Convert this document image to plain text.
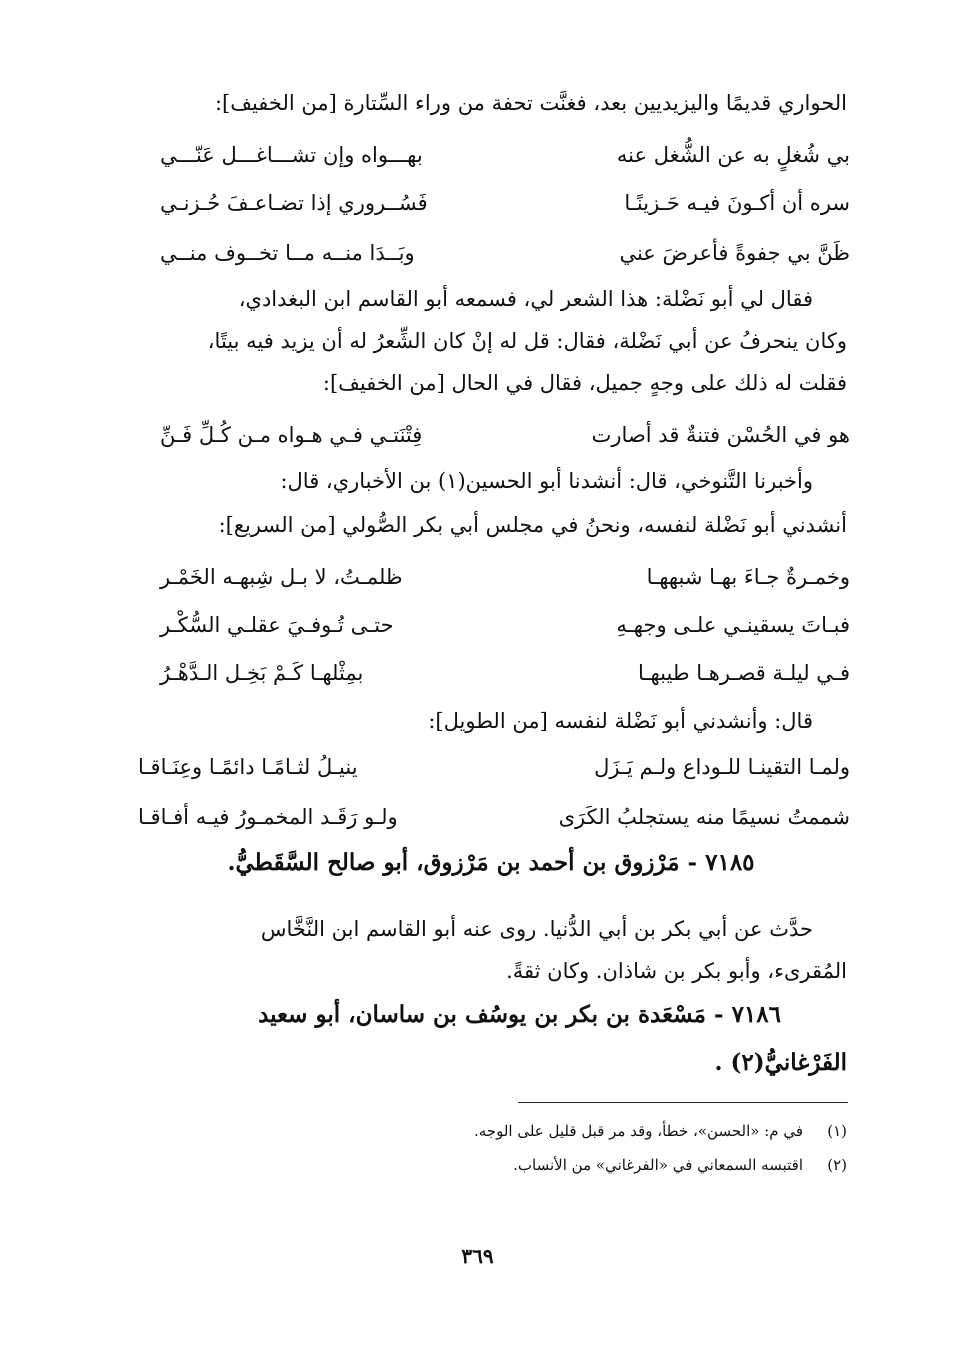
الحواري قديمًا واليزيديين بعد، فغنَّت تحفة من وراء السِّتارة [من الخفيف]:
بي شُغلٍ به عن الشُّغل عنه
بهـــواه وإن تشـــاغـــل عَنّـــي
سره أن أكـونَ فيـه حَـزينًـا
فَسُــروري إذا تضـاعـفَ حُـزنـي
ظَنَّ بي جفوةً فأعرضَ عني
وبَــدَا منــه مــا تخــوف منــي
فقال لي أبو نَضْلة: هذا الشعر لي، فسمعه أبو القاسم ابن البغدادي،
وكان ينحرفُ عن أبي نَضْلة، فقال: قل له إنْ كان الشِّعرُ له أن يزيد فيه بيتًا،
فقلت له ذلك على وجهٍ جميل، فقال في الحال [من الخفيف]:
هو في الحُسْن فتنةٌ قد أصارت
فِتْنَتـي فـي هـواه مـن كُـلِّ فَـنِّ
وأخبرنا التَّنوخي، قال: أنشدنا أبو الحسين(١) بن الأخباري، قال:
أنشدني أبو نَضْلة لنفسه، ونحنُ في مجلس أبي بكر الصُّولي [من السريع]:
وخمـرةٌ جـاءَ بهـا شبههـا
ظلمـتُ، لا بـل شِبهـه الخَمْـر
فبـاتَ يسقينـي علـى وجهـهِ
حتـى تُـوفـيَ عقلـي السُّكْـر
فـي ليلـة قصـرهـا طيبهـا
بمِثْلهـا كَـمْ بَخِـل الـدَّهْـرُ
قال: وأنشدني أبو نَضْلة لنفسه [من الطويل]:
ولمـا التقينـا للـوداع ولـم يَـزَل
ينيـلُ لثـامًـا دائمًـا وعِنَـاقـا
شممتُ نسيمًا منه يستجلبُ الكَرَى
ولـو رَقَـد المخمـورُ فيـه أفـاقـا
٧١٨٥ - مَرْزوق بن أحمد بن مَرْزوق، أبو صالح السَّقَطيُّ.
حدَّث عن أبي بكر بن أبي الدُّنيا. روى عنه أبو القاسم ابن النَّخَّاس
المُقرىء، وأبو بكر بن شاذان. وكان ثقةً.
٧١٨٦ - مَسْعَدة بن بكر بن يوسُف بن ساسان، أبو سعيد
الفَرْغانيُّ(٢) .
(١)في م: «الحسن»، خطأ، وقد مر قبل قليل على الوجه.
(٢)اقتبسه السمعاني في «الفرغاني» من الأنساب.
٣٦٩
